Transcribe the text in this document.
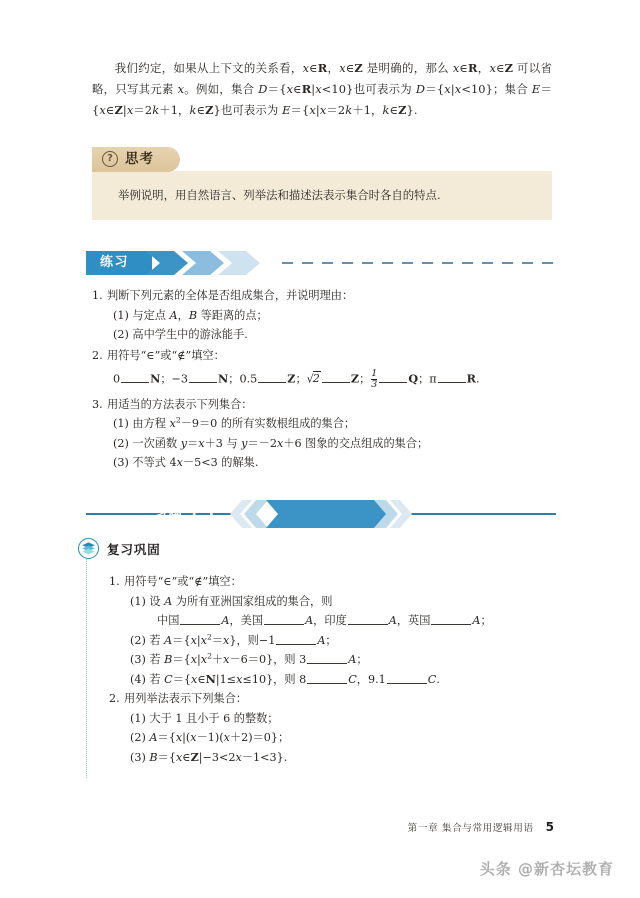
我们约定，如果从上下文的关系看，x∈R，x∈Z 是明确的，那么 x∈R，x∈Z 可以省略，只写其元素 x。例如，集合 D＝{x∈R|x<10}也可表示为 D＝{x|x<10}；集合 E＝{x∈Z|x＝2k＋1，k∈Z}也可表示为 E＝{x|x＝2k＋1，k∈Z}.
? 思考
举例说明，用自然语言、列举法和描述法表示集合时各自的特点.
练习
1. 判断下列元素的全体是否组成集合，并说明理由：
(1) 与定点 A，B 等距离的点；
(2) 高中学生中的游泳能手.
2. 用符号“∈”或“∉”填空：
0	N；−3	N；0.5	Z；√2	Z；$\frac{1}{3}$	Q；π	R.
3. 用适当的方法表示下列集合：
(1) 由方程 $x^2-9=0$ 的所有实数根组成的集合；
(2) 一次函数 y＝x＋3 与 y＝－2x＋6 图象的交点组成的集合；
(3) 不等式 4x－5<3 的解集.
习题 1.1
复习巩固
1. 用符号“∈”或“∉”填空：
(1) 设 A 为所有亚洲国家组成的集合，则
中国	A，美国	A，印度	A，英国	A；
(2) 若 $A=\{x|x^2=x\}$，则−1	A；
(3) 若 $B=\{x|x^2+x-6=0\}$，则 3	A；
(4) 若 C＝{x∈N|1≤x≤10}，则 8	C，9.1	C.
2. 用列举法表示下列集合：
(1) 大于 1 且小于 6 的整数；
(2) A＝{x|(x－1)(x＋2)＝0}；
(3) B＝{x∈Z|−3<2x－1<3}.
第一章 集合与常用逻辑用语 5
头条 @新杏坛教育
